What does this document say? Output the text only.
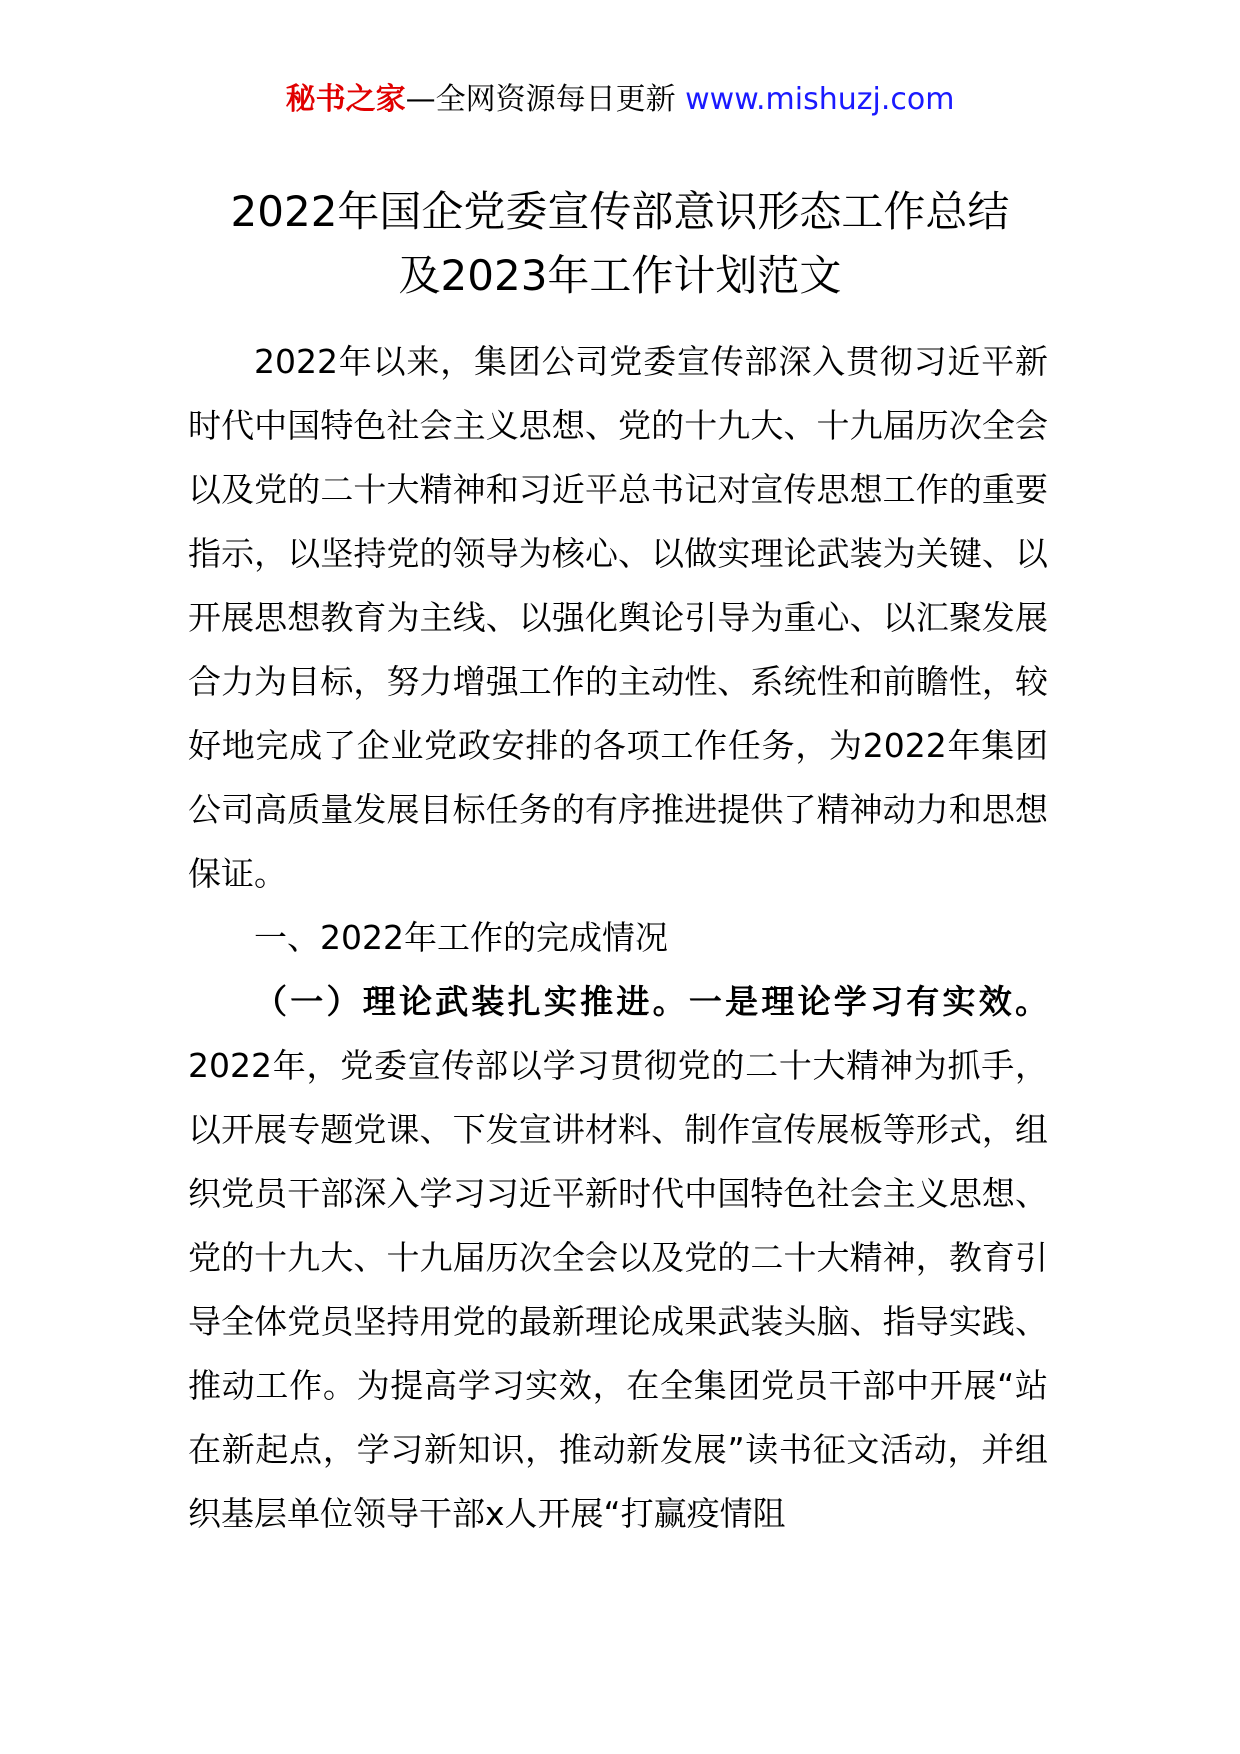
秘书之家—全网资源每日更新 www.mishuzj.com
2022年国企党委宣传部意识形态工作总结
及2023年工作计划范文

2022年以来，集团公司党委宣传部深入贯彻习近平新时代中国特色社会主义思想、党的十九大、十九届历次全会以及党的二十大精神和习近平总书记对宣传思想工作的重要指示，以坚持党的领导为核心、以做实理论武装为关键、以开展思想教育为主线、以强化舆论引导为重心、以汇聚发展合力为目标，努力增强工作的主动性、系统性和前瞻性，较好地完成了企业党政安排的各项工作任务，为2022年集团公司高质量发展目标任务的有序推进提供了精神动力和思想保证。

一、2022年工作的完成情况

（一）理论武装扎实推进。一是理论学习有实效。2022年，党委宣传部以学习贯彻党的二十大精神为抓手，以开展专题党课、下发宣讲材料、制作宣传展板等形式，组织党员干部深入学习习近平新时代中国特色社会主义思想、党的十九大、十九届历次全会以及党的二十大精神，教育引导全体党员坚持用党的最新理论成果武装头脑、指导实践、推动工作。为提高学习实效，在全集团党员干部中开展“站在新起点，学习新知识，推动新发展”读书征文活动，并组织基层单位领导干部x人开展“打赢疫情阻
